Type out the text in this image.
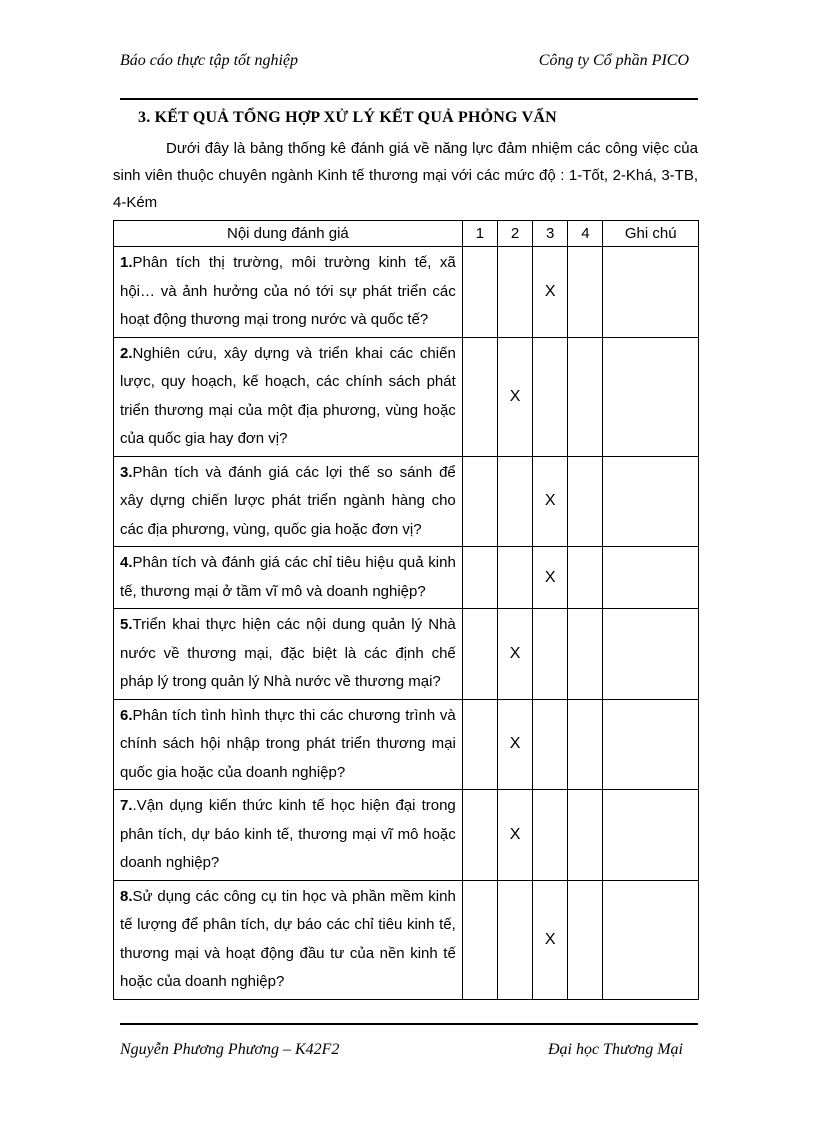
Báo cáo thực tập tốt nghiệp	Công ty Cổ phần PICO
3. KẾT QUẢ TỔNG HỢP XỬ LÝ KẾT QUẢ PHỎNG VẤN
Dưới đây là bảng thống kê đánh giá về năng lực đảm nhiệm các công việc của sinh viên thuộc chuyên ngành Kinh tế thương mại với các mức độ : 1-Tốt, 2-Khá, 3-TB, 4-Kém
Nội dung đánh giá	1	2	3	4	Ghi chú
1.Phân tích thị trường, môi trường kinh tế, xã hội… và ảnh hưởng của nó tới sự phát triển các hoạt động thương mại trong nước và quốc tế?			X		
2.Nghiên cứu, xây dựng và triển khai các chiến lược, quy hoạch, kế hoạch, các chính sách phát triển thương mại của một địa phương, vùng hoặc của quốc gia hay đơn vị?		X			
3.Phân tích và đánh giá các lợi thế so sánh để xây dựng chiến lược phát triển ngành hàng cho các địa phương, vùng, quốc gia hoặc đơn vị?			X		
4.Phân tích và đánh giá các chỉ tiêu hiệu quả kinh tế, thương mại ở tầm vĩ mô và doanh nghiệp?			X		
5.Triển khai thực hiện các nội dung quản lý Nhà nước về thương mại, đặc biệt là các định chế pháp lý trong quản lý Nhà nước về thương mại?		X			
6.Phân tích tình hình thực thi các chương trình và chính sách hội nhập trong phát triển thương mại quốc gia hoặc của doanh nghiệp?		X			
7..Vận dụng kiến thức kinh tế học hiện đại trong phân tích, dự báo kinh tế, thương mại vĩ mô hoặc doanh nghiệp?		X			
8.Sử dụng các công cụ tin học và phần mềm kinh tế lượng để phân tích, dự báo các chỉ tiêu kinh tế, thương mại và hoạt động đầu tư của nền kinh tế hoặc của doanh nghiệp?			X		
Nguyễn Phương Phương – K42F2	Đại học Thương Mại
